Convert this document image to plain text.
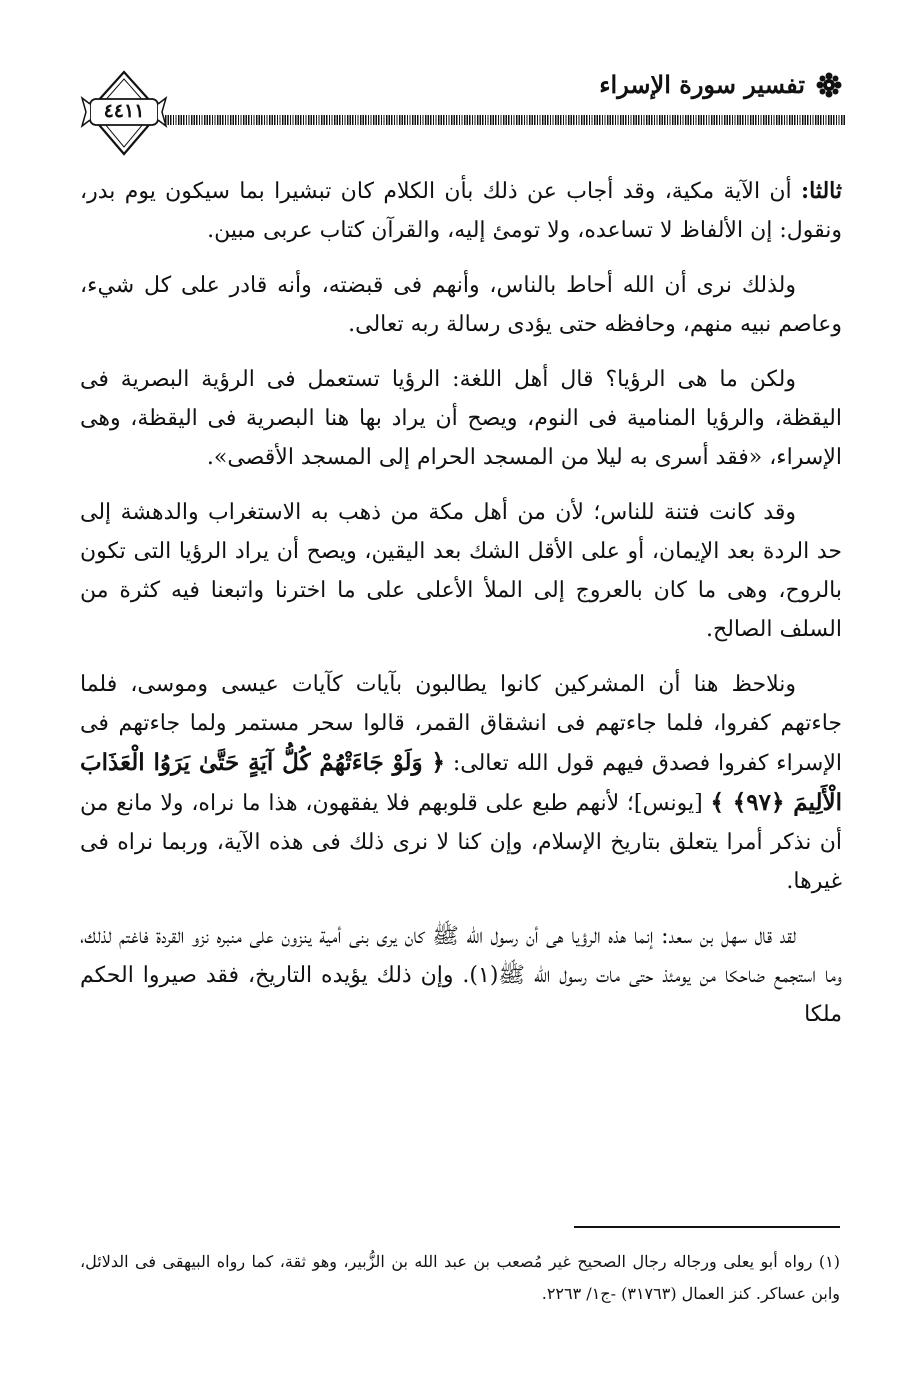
تفسير سورة الإسراء
٤٤١١

ثالثا: أن الآية مكية، وقد أجاب عن ذلك بأن الكلام كان تبشيرا بما سيكون يوم بدر، ونقول: إن الألفاظ لا تساعده، ولا تومئ إليه، والقرآن كتاب عربى مبين.

ولذلك نرى أن الله أحاط بالناس، وأنهم فى قبضته، وأنه قادر على كل شيء، وعاصم نبيه منهم، وحافظه حتى يؤدى رسالة ربه تعالى.

ولكن ما هى الرؤيا؟ قال أهل اللغة: الرؤيا تستعمل فى الرؤية البصرية فى اليقظة، والرؤيا المنامية فى النوم، ويصح أن يراد بها هنا البصرية فى اليقظة، وهى الإسراء، «فقد أسرى به ليلا من المسجد الحرام إلى المسجد الأقصى».

وقد كانت فتنة للناس؛ لأن من أهل مكة من ذهب به الاستغراب والدهشة إلى حد الردة بعد الإيمان، أو على الأقل الشك بعد اليقين، ويصح أن يراد الرؤيا التى تكون بالروح، وهى ما كان بالعروج إلى الملأ الأعلى على ما اخترنا واتبعنا فيه كثرة من السلف الصالح.

ونلاحظ هنا أن المشركين كانوا يطالبون بآيات كآيات عيسى وموسى، فلما جاءتهم كفروا، فلما جاءتهم فى انشقاق القمر، قالوا سحر مستمر ولما جاءتهم فى الإسراء كفروا فصدق فيهم قول الله تعالى: ﴿ وَلَوْ جَاءَتْهُمْ كُلُّ آيَةٍ حَتَّىٰ يَرَوُا الْعَذَابَ الْأَلِيمَ ﴿٩٧﴾ ﴾ [يونس]؛ لأنهم طبع على قلوبهم فلا يفقهون، هذا ما نراه، ولا مانع من أن نذكر أمرا يتعلق بتاريخ الإسلام، وإن كنا لا نرى ذلك فى هذه الآية، وربما نراه فى غيرها.

لقد قال سهل بن سعد: إنما هذه الرؤيا هى أن رسول الله ﷺ كان يرى بنى أمية ينزون على منبره نزو القردة فاغتم لذلك، وما استجمع ضاحكا من يومئذ حتى مات رسول الله ﷺ(١). وإن ذلك يؤيده التاريخ، فقد صيروا الحكم ملكا

(١) رواه أبو يعلى ورجاله رجال الصحيح غير مُصعب بن عبد الله بن الزُّبير، وهو ثقة، كما رواه البيهقى فى الدلائل، وابن عساكر. كنز العمال (٣١٧٦٣) -ج١/ ٢٢٦٣.
